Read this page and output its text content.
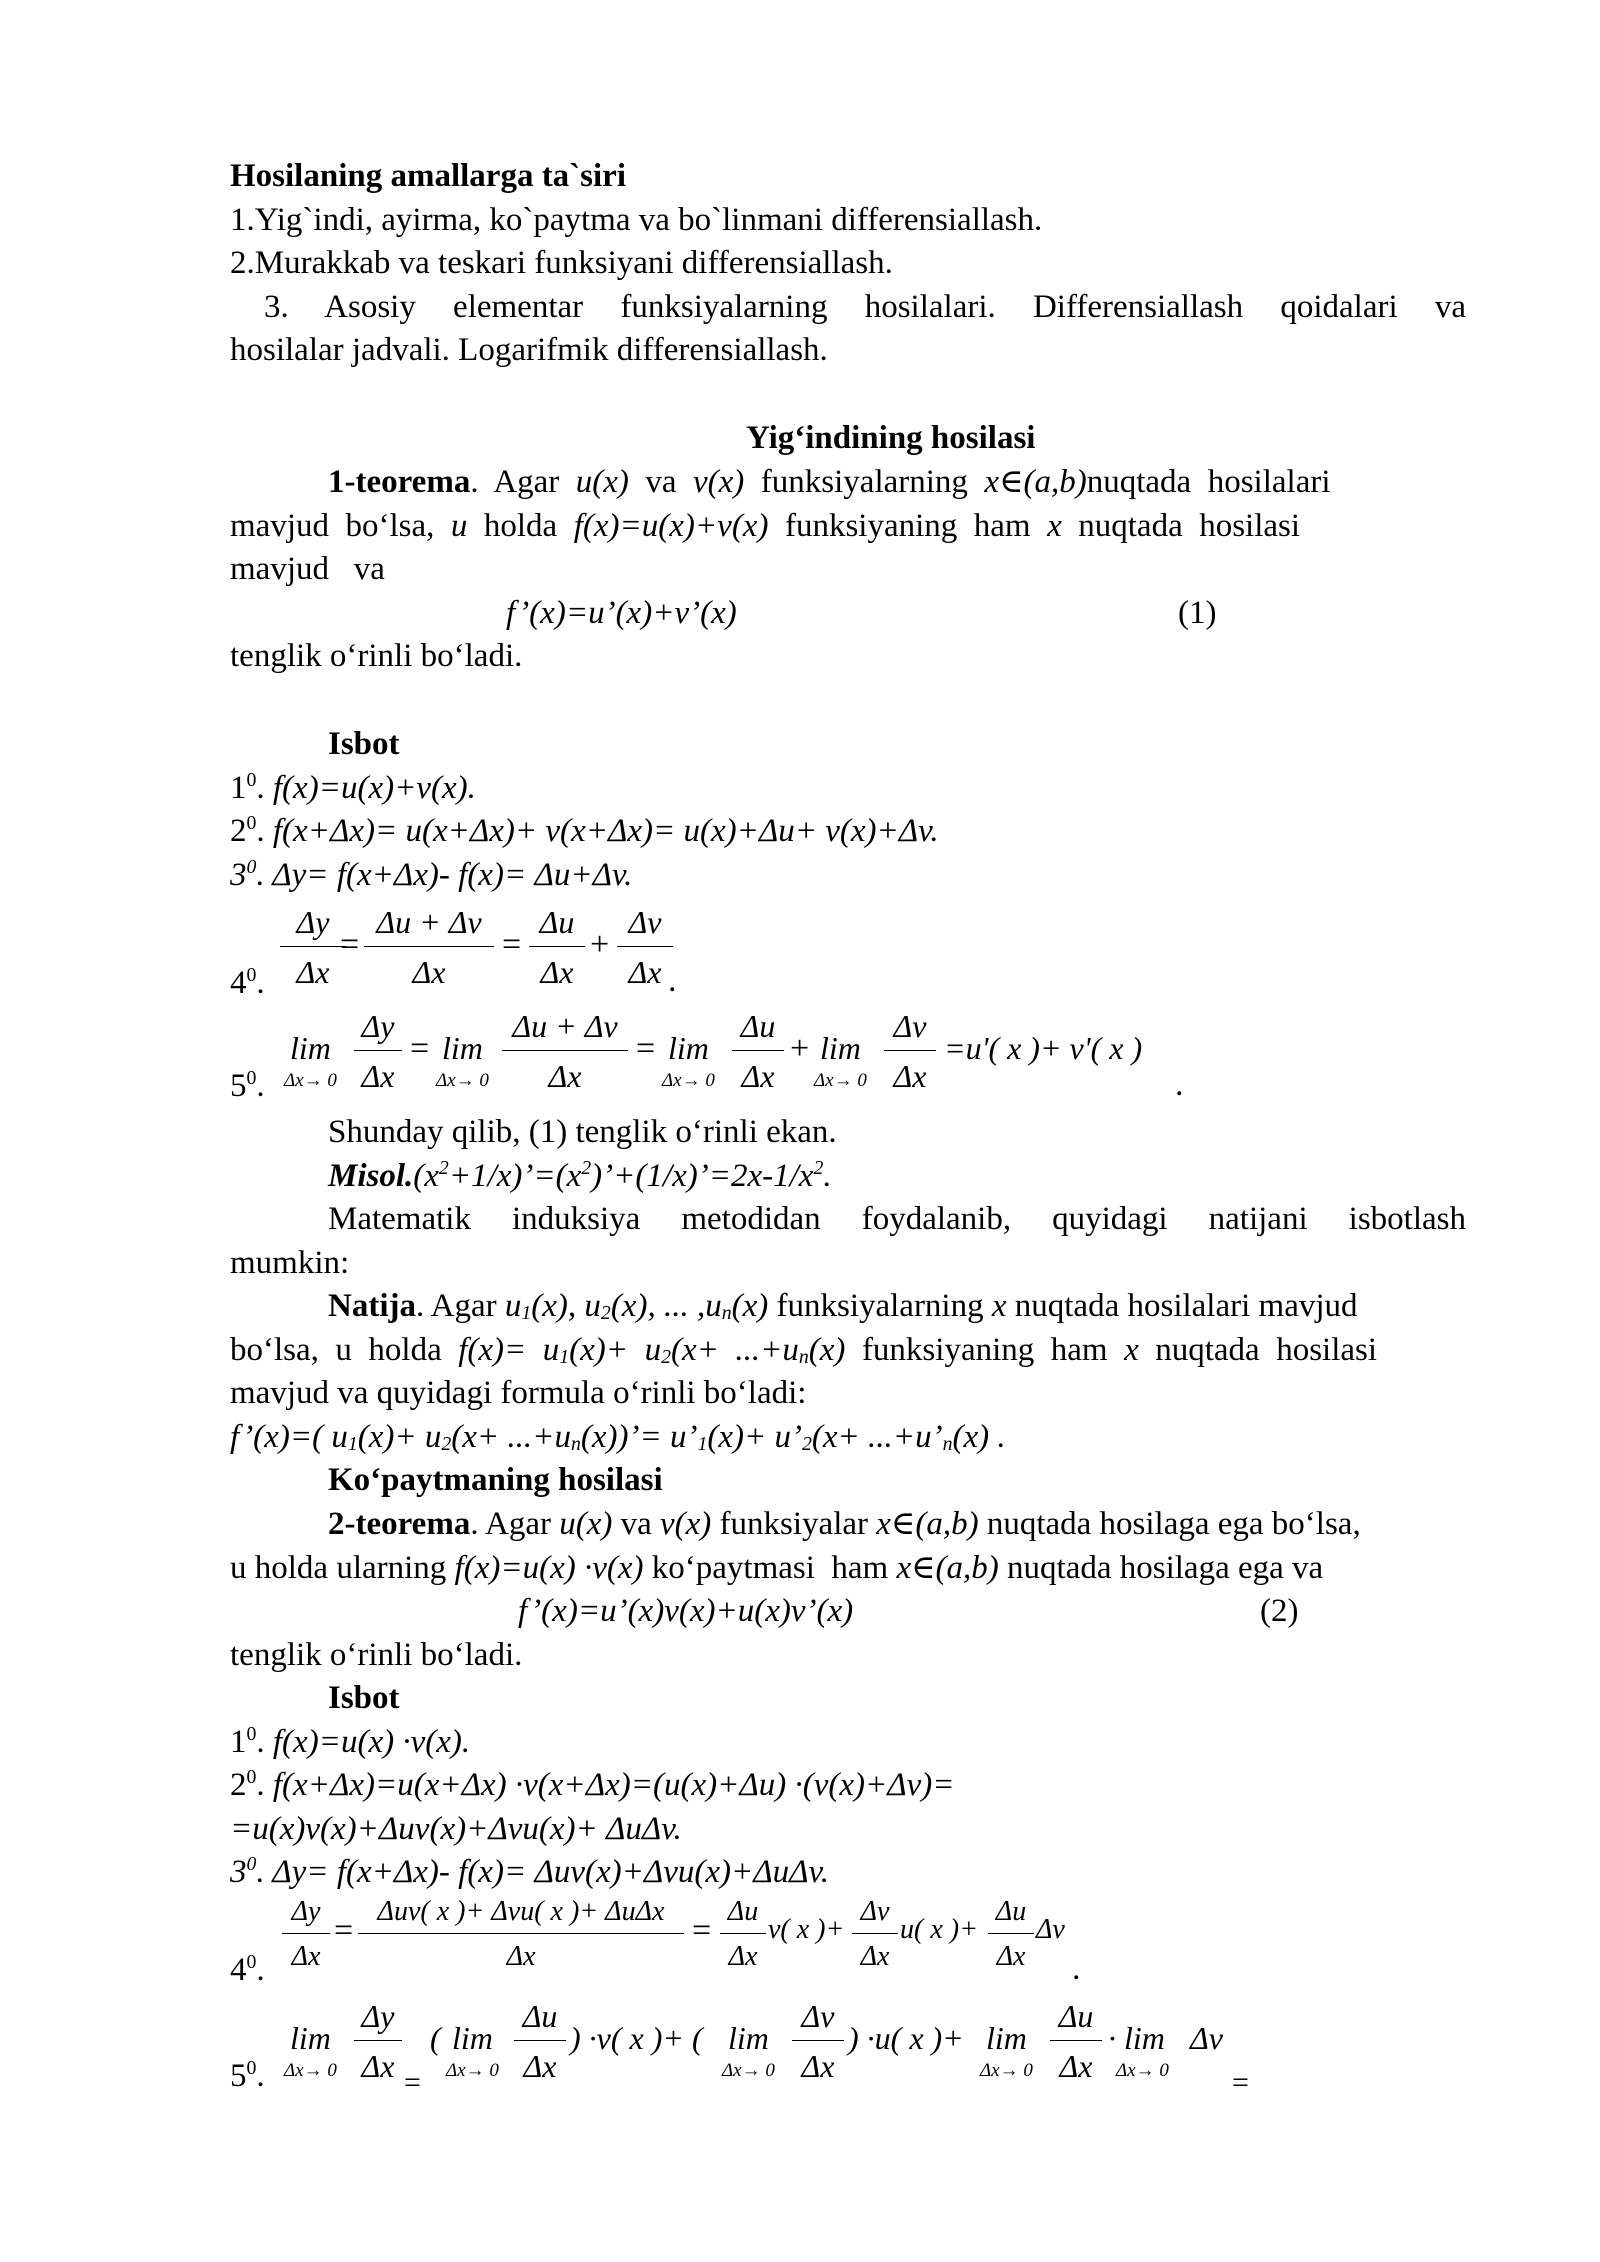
Hosilaning amallarga ta`siri
1.Yig`indi, ayirma, ko`paytma va bo`linmani differensiallash.
2.Murakkab va teskari funksiyani differensiallash.
3. Asosiy elementar funksiyalarning hosilalari. Differensiallash qoidalari va
hosilalar jadvali. Logarifmik differensiallash.
Yig‘indining hosilasi
1-teorema.  Agar  u(x)  va  v(x)  funksiyalarning  x∈(a,b)nuqtada  hosilalari
mavjud  bo‘lsa,  u  holda  f(x)=u(x)+v(x)  funksiyaning  ham  x  nuqtada  hosilasi
mavjud   va
f’(x)=u’(x)+v’(x)	(1)
tenglik o‘rinli bo‘ladi.
Isbot
$1^0$. f(x)=u(x)+v(x).
$2^0$. f(x+Δx)= u(x+Δx)+ v(x+Δx)= u(x)+Δu+ v(x)+Δv.
$3^0$. Δy= f(x+Δx)- f(x)= Δu+Δv.
$4^0$.
Δy
Δx
=
Δu + Δv
Δx
=
Δu
Δx
+
Δv
Δx .
$5^0$.
lim
Δx→ 0
Δy
Δx
= lim
Δx→ 0
Δu + Δv
Δx
= lim
Δx→ 0
Δu
Δx
+ lim
Δx→ 0
Δv
Δx
=u'( x )+ v'( x )
.
Shunday qilib, (1) tenglik o‘rinli ekan.
$Misol.(x^2+1/x)’=(x^2)’+(1/x)’=2x-1/x^2$.
Matematik induksiya metodidan foydalanib, quyidagi natijani isbotlash
mumkin:
Natija. Agar $u_1(x)$, $u_2(x)$, ... $,u_n(x)$ funksiyalarning x nuqtada hosilalari mavjud
bo‘lsa,  u  holda  $f(x)= u_1(x)+ u_2(x+ ...+u_n(x)$  funksiyaning  ham  x  nuqtada  hosilasi
mavjud va quyidagi formula o‘rinli bo‘ladi:
f’(x)=( $u_1(x)+ u_2(x+$ $...+u_n(x))’=$ $u’_1(x)+$ $u’_2(x+$ $...+u’_n(x)$ .
Ko‘paytmaning hosilasi
2-teorema. Agar u(x) va v(x) funksiyalar x∈(a,b) nuqtada hosilaga ega bo‘lsa,
u holda ularning f(x)=u(x) ·v(x) ko‘paytmasi  ham x∈(a,b) nuqtada hosilaga ega va
f’(x)=u’(x)v(x)+u(x)v’(x)	(2)
tenglik o‘rinli bo‘ladi.
Isbot
$1^0$. f(x)=u(x) ·v(x).
$2^0$. f(x+Δx)=u(x+Δx) ·v(x+Δx)=(u(x)+Δu) ·(v(x)+Δv)=
=u(x)v(x)+Δuv(x)+Δvu(x)+ ΔuΔv.
$3^0$. Δy= f(x+Δx)- f(x)= Δuv(x)+Δvu(x)+ΔuΔv.
$4^0$.
Δy
Δx
=
Δuv( x )+ Δvu( x )+ ΔuΔx
Δx
=
Δu
Δx
v( x )+
Δv
Δx
u( x )+
Δu
Δx
Δv
.
$5^0$.
lim
Δx→ 0
Δy
Δx =
( lim
Δx→ 0
Δu
Δx
) ·v( x )+ ( lim
Δx→ 0
Δv
Δx
) ·u( x )+ lim
Δx→ 0
Δu
Δx
· lim
Δx→ 0
Δv
=
